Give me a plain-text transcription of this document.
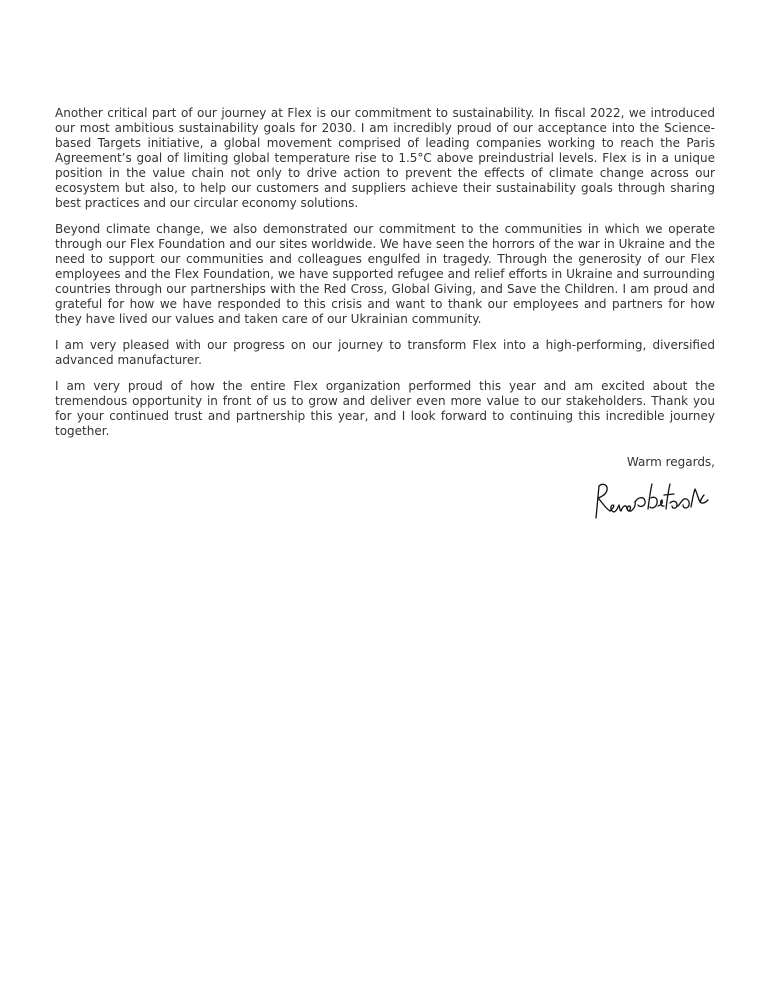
Another critical part of our journey at Flex is our commitment to sustainability. In fiscal 2022, we introduced our most ambitious sustainability goals for 2030. I am incredibly proud of our acceptance into the Science-based Targets initiative, a global movement comprised of leading companies working to reach the Paris Agreement’s goal of limiting global temperature rise to 1.5°C above preindustrial levels. Flex is in a unique position in the value chain not only to drive action to prevent the effects of climate change across our ecosystem but also, to help our customers and suppliers achieve their sustainability goals through sharing best practices and our circular economy solutions.

Beyond climate change, we also demonstrated our commitment to the communities in which we operate through our Flex Foundation and our sites worldwide. We have seen the horrors of the war in Ukraine and the need to support our communities and colleagues engulfed in tragedy. Through the generosity of our Flex employees and the Flex Foundation, we have supported refugee and relief efforts in Ukraine and surrounding countries through our partnerships with the Red Cross, Global Giving, and Save the Children. I am proud and grateful for how we have responded to this crisis and want to thank our employees and partners for how they have lived our values and taken care of our Ukrainian community.

I am very pleased with our progress on our journey to transform Flex into a high-performing, diversified advanced manufacturer.

I am very proud of how the entire Flex organization performed this year and am excited about the tremendous opportunity in front of us to grow and deliver even more value to our stakeholders. Thank you for your continued trust and partnership this year, and I look forward to continuing this incredible journey together.

Warm regards,
